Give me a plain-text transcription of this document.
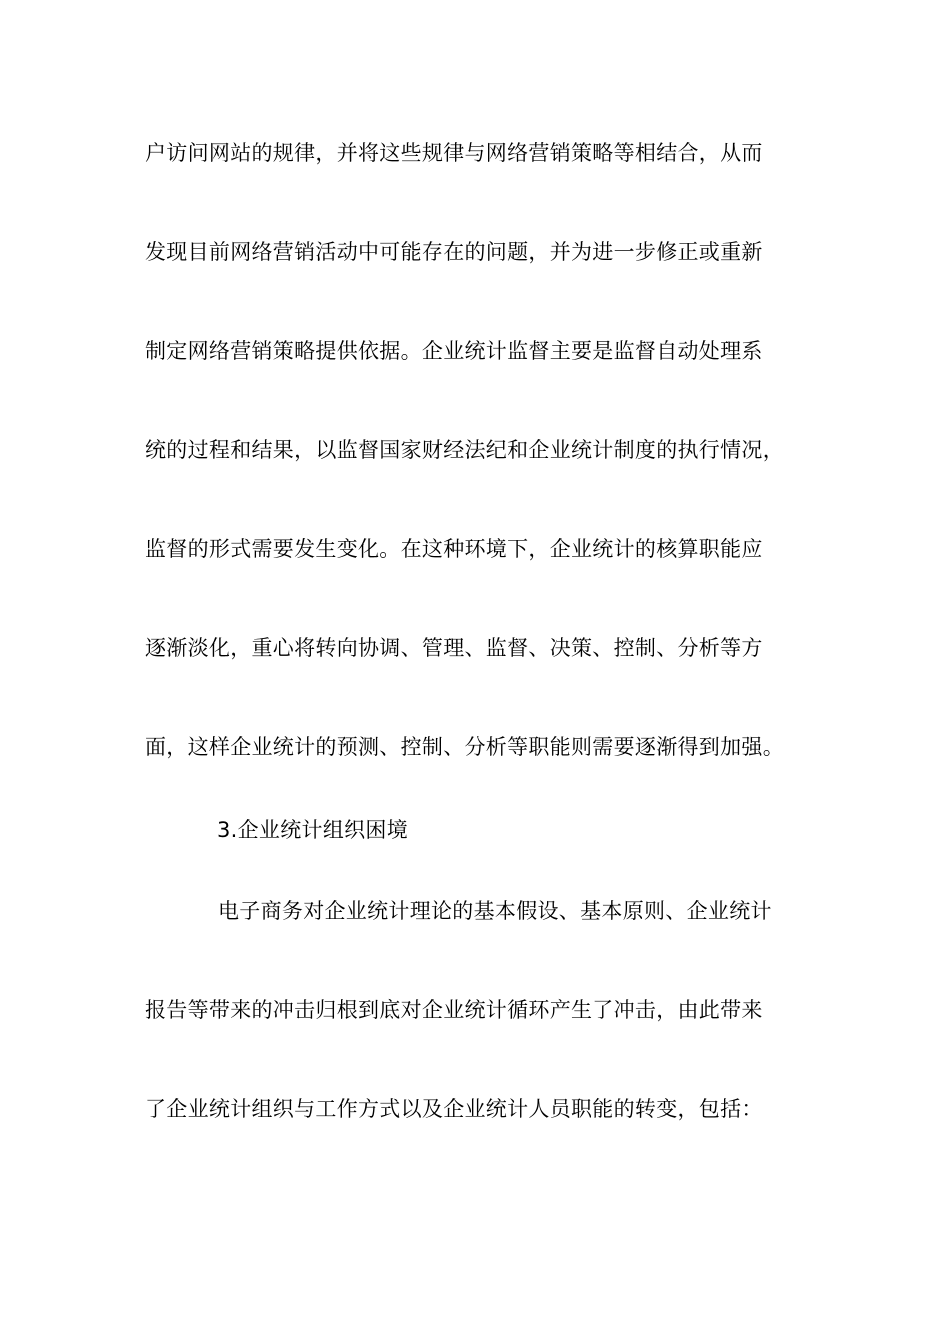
户访问网站的规律，并将这些规律与网络营销策略等相结合，从而
发现目前网络营销活动中可能存在的问题，并为进一步修正或重新
制定网络营销策略提供依据。企业统计监督主要是监督自动处理系
统的过程和结果，以监督国家财经法纪和企业统计制度的执行情况，
监督的形式需要发生变化。在这种环境下，企业统计的核算职能应
逐渐淡化，重心将转向协调、管理、监督、决策、控制、分析等方
面，这样企业统计的预测、控制、分析等职能则需要逐渐得到加强。
3.企业统计组织困境
电子商务对企业统计理论的基本假设、基本原则、企业统计
报告等带来的冲击归根到底对企业统计循环产生了冲击，由此带来
了企业统计组织与工作方式以及企业统计人员职能的转变，包括：
